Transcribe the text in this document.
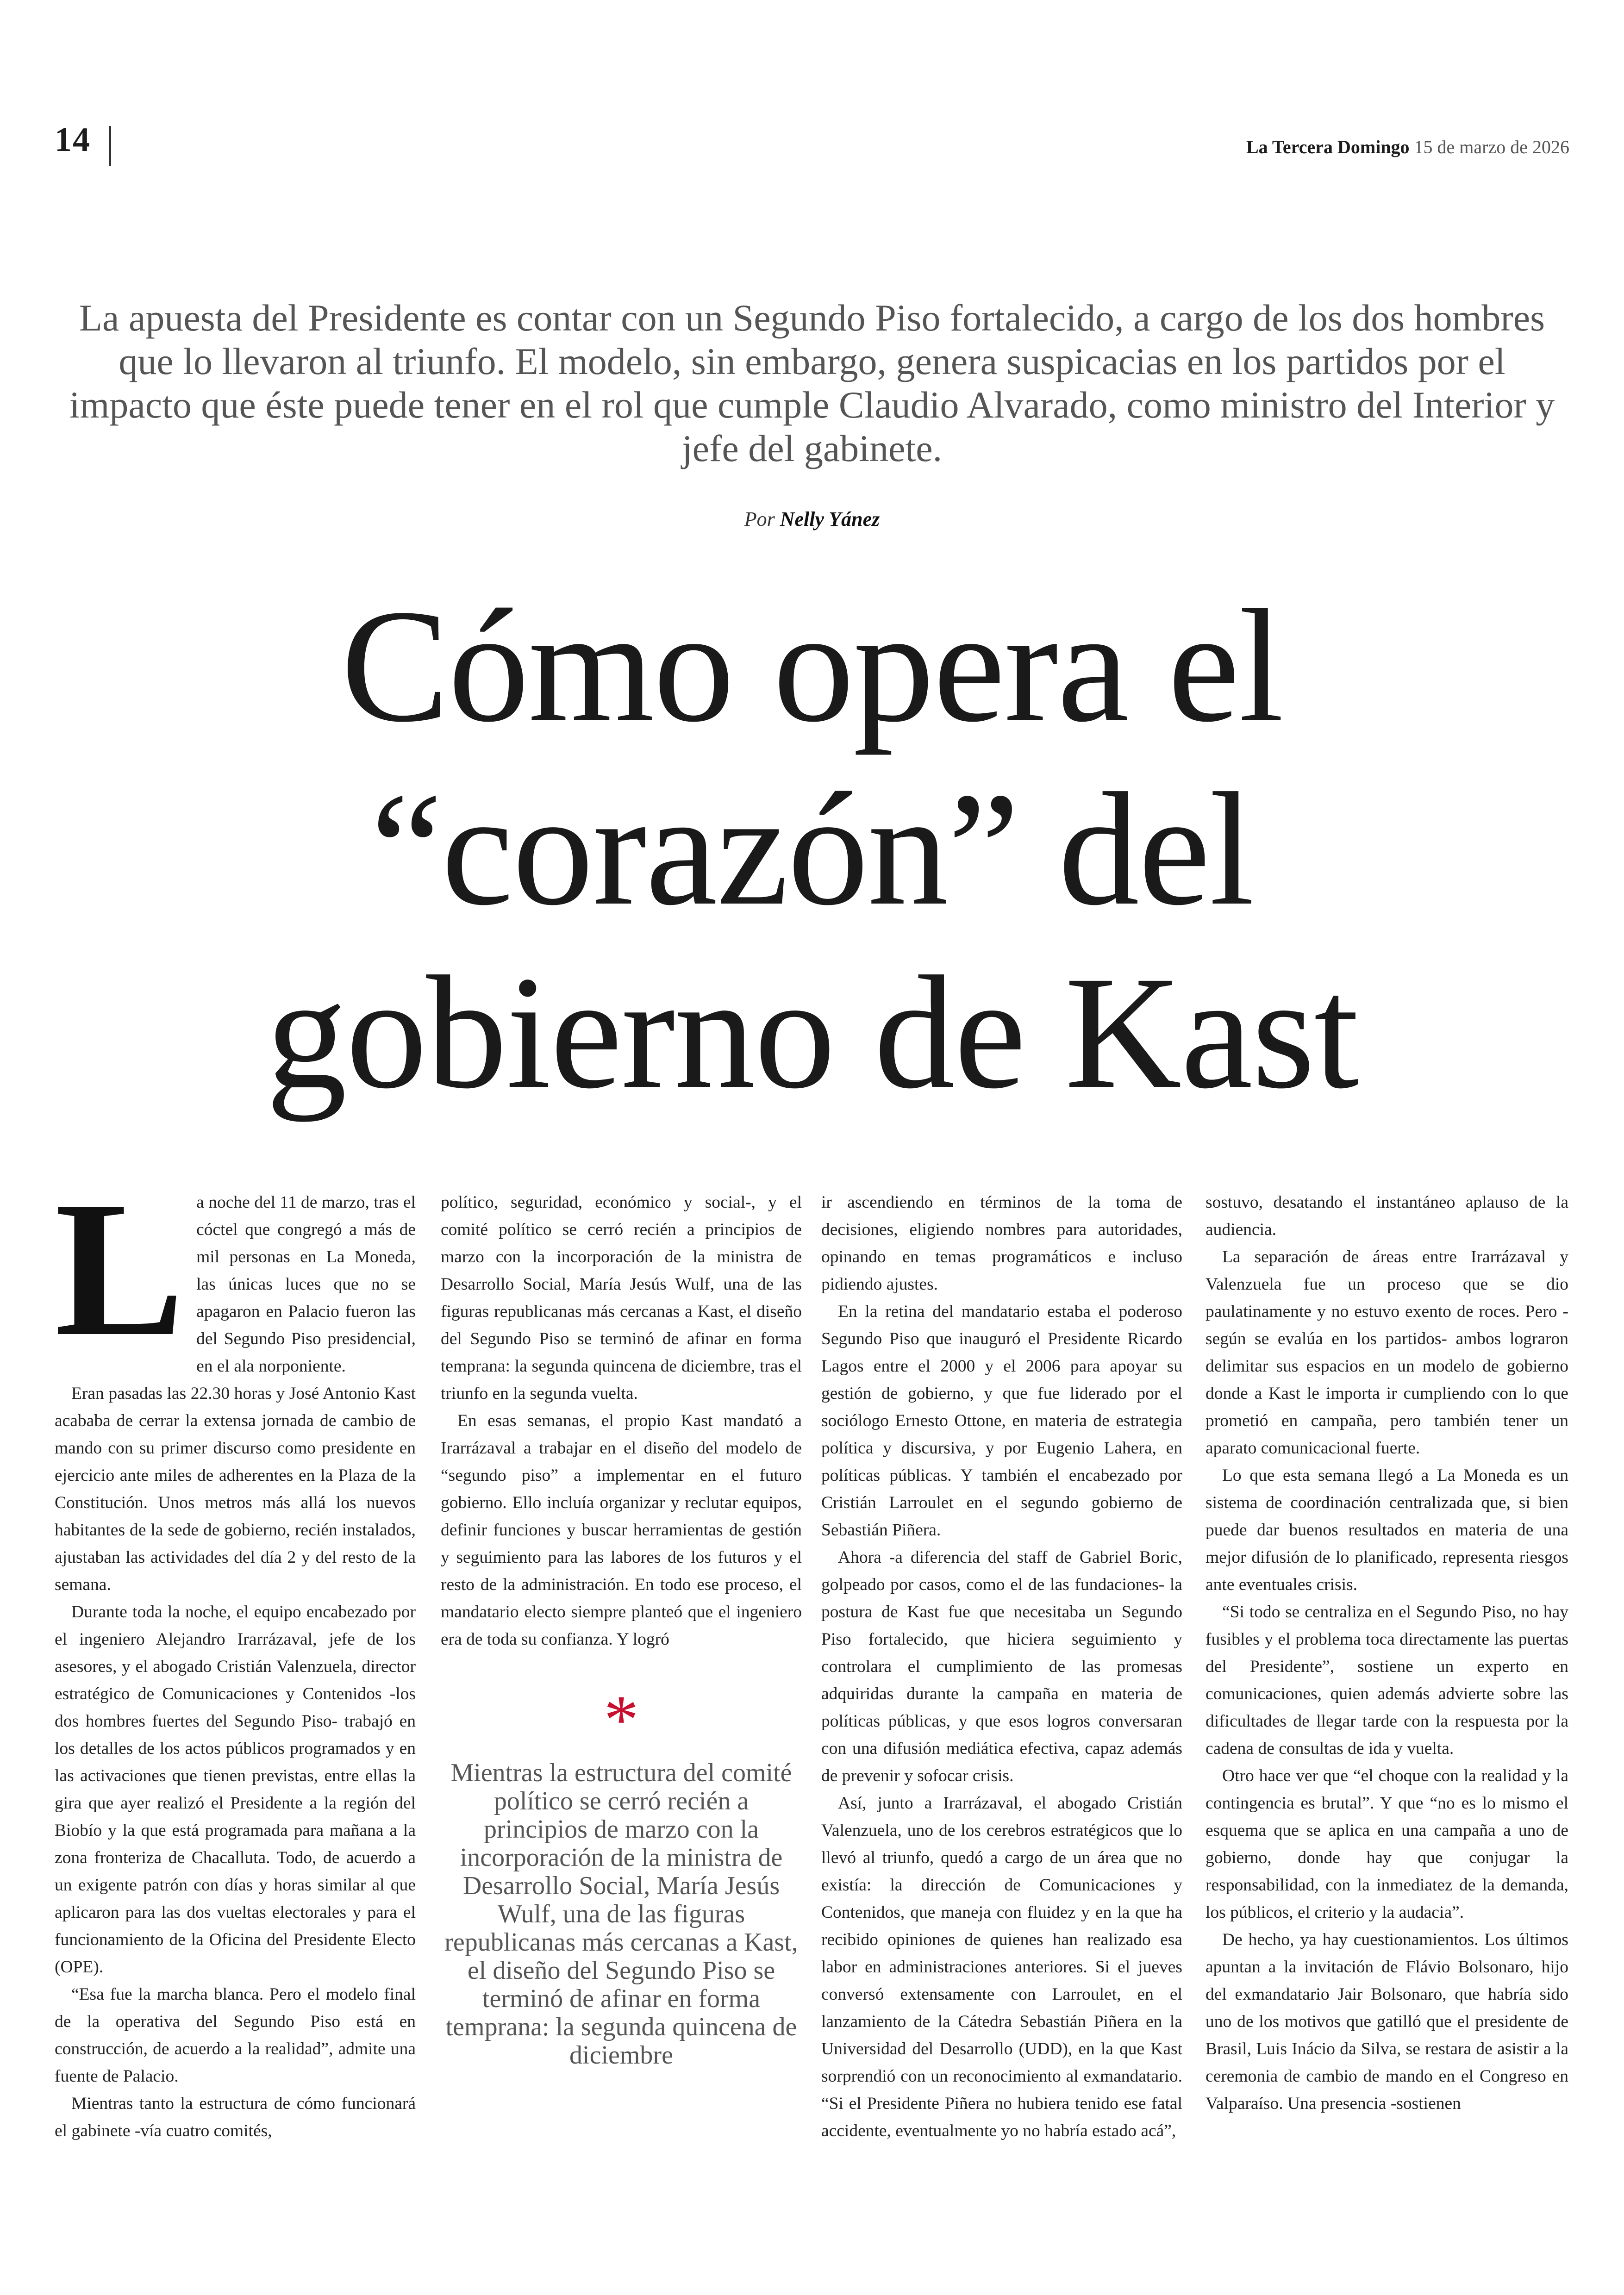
14	La Tercera Domingo 15 de marzo de 2026
La apuesta del Presidente es contar con un Segundo Piso fortalecido, a cargo de los dos hombres que lo llevaron al triunfo. El modelo, sin embargo, genera suspicacias en los partidos por el impacto que éste puede tener en el rol que cumple Claudio Alvarado, como ministro del Interior y jefe del gabinete.
Por Nelly Yánez
Cómo opera el
“corazón” del
gobierno de Kast

La noche del 11 de marzo, tras el cóctel que congregó a más de mil personas en La Moneda, las únicas luces que no se apagaron en Palacio fueron las del Segundo Piso presidencial, en el ala norponiente.

Eran pasadas las 22.30 horas y José Antonio Kast acababa de cerrar la extensa jornada de cambio de mando con su primer discurso como presidente en ejercicio ante miles de adherentes en la Plaza de la Constitución. Unos metros más allá los nuevos habitantes de la sede de gobierno, recién instalados, ajustaban las actividades del día 2 y del resto de la semana.

Durante toda la noche, el equipo encabezado por el ingeniero Alejandro Irarrázaval, jefe de los asesores, y el abogado Cristián Valenzuela, director estratégico de Comunicaciones y Contenidos -los dos hombres fuertes del Segundo Piso- trabajó en los detalles de los actos públicos programados y en las activaciones que tienen previstas, entre ellas la gira que ayer realizó el Presidente a la región del Biobío y la que está programada para mañana a la zona fronteriza de Chacalluta. Todo, de acuerdo a un exigente patrón con días y horas similar al que aplicaron para las dos vueltas electorales y para el funcionamiento de la Oficina del Presidente Electo (OPE).

“Esa fue la marcha blanca. Pero el modelo final de la operativa del Segundo Piso está en construcción, de acuerdo a la realidad”, admite una fuente de Palacio.

Mientras tanto la estructura de cómo funcionará el gabinete -vía cuatro comités,

político, seguridad, económico y social-, y el comité político se cerró recién a principios de marzo con la incorporación de la ministra de Desarrollo Social, María Jesús Wulf, una de las figuras republicanas más cercanas a Kast, el diseño del Segundo Piso se terminó de afinar en forma temprana: la segunda quincena de diciembre, tras el triunfo en la segunda vuelta.

En esas semanas, el propio Kast mandató a Irarrázaval a trabajar en el diseño del modelo de “segundo piso” a implementar en el futuro gobierno. Ello incluía organizar y reclutar equipos, definir funciones y buscar herramientas de gestión y seguimiento para las labores de los futuros y el resto de la administración. En todo ese proceso, el mandatario electo siempre planteó que el ingeniero era de toda su confianza. Y logró

*
Mientras la estructura del comité político se cerró recién a principios de marzo con la incorporación de la ministra de Desarrollo Social, María Jesús Wulf, una de las figuras republicanas más cercanas a Kast, el diseño del Segundo Piso se terminó de afinar en forma temprana: la segunda quincena de diciembre

ir ascendiendo en términos de la toma de decisiones, eligiendo nombres para autoridades, opinando en temas programáticos e incluso pidiendo ajustes.

En la retina del mandatario estaba el poderoso Segundo Piso que inauguró el Presidente Ricardo Lagos entre el 2000 y el 2006 para apoyar su gestión de gobierno, y que fue liderado por el sociólogo Ernesto Ottone, en materia de estrategia política y discursiva, y por Eugenio Lahera, en políticas públicas. Y también el encabezado por Cristián Larroulet en el segundo gobierno de Sebastián Piñera.

Ahora -a diferencia del staff de Gabriel Boric, golpeado por casos, como el de las fundaciones- la postura de Kast fue que necesitaba un Segundo Piso fortalecido, que hiciera seguimiento y controlara el cumplimiento de las promesas adquiridas durante la campaña en materia de políticas públicas, y que esos logros conversaran con una difusión mediática efectiva, capaz además de prevenir y sofocar crisis.

Así, junto a Irarrázaval, el abogado Cristián Valenzuela, uno de los cerebros estratégicos que lo llevó al triunfo, quedó a cargo de un área que no existía: la dirección de Comunicaciones y Contenidos, que maneja con fluidez y en la que ha recibido opiniones de quienes han realizado esa labor en administraciones anteriores. Si el jueves conversó extensamente con Larroulet, en el lanzamiento de la Cátedra Sebastián Piñera en la Universidad del Desarrollo (UDD), en la que Kast sorprendió con un reconocimiento al exmandatario. “Si el Presidente Piñera no hubiera tenido ese fatal accidente, eventualmente yo no habría estado acá”,

sostuvo, desatando el instantáneo aplauso de la audiencia.

La separación de áreas entre Irarrázaval y Valenzuela fue un proceso que se dio paulatinamente y no estuvo exento de roces. Pero -según se evalúa en los partidos- ambos lograron delimitar sus espacios en un modelo de gobierno donde a Kast le importa ir cumpliendo con lo que prometió en campaña, pero también tener un aparato comunicacional fuerte.

Lo que esta semana llegó a La Moneda es un sistema de coordinación centralizada que, si bien puede dar buenos resultados en materia de una mejor difusión de lo planificado, representa riesgos ante eventuales crisis.

“Si todo se centraliza en el Segundo Piso, no hay fusibles y el problema toca directamente las puertas del Presidente”, sostiene un experto en comunicaciones, quien además advierte sobre las dificultades de llegar tarde con la respuesta por la cadena de consultas de ida y vuelta.

Otro hace ver que “el choque con la realidad y la contingencia es brutal”. Y que “no es lo mismo el esquema que se aplica en una campaña a uno de gobierno, donde hay que conjugar la responsabilidad, con la inmediatez de la demanda, los públicos, el criterio y la audacia”.

De hecho, ya hay cuestionamientos. Los últimos apuntan a la invitación de Flávio Bolsonaro, hijo del exmandatario Jair Bolsonaro, que habría sido uno de los motivos que gatilló que el presidente de Brasil, Luis Inácio da Silva, se restara de asistir a la ceremonia de cambio de mando en el Congreso en Valparaíso. Una presencia -sostienen
